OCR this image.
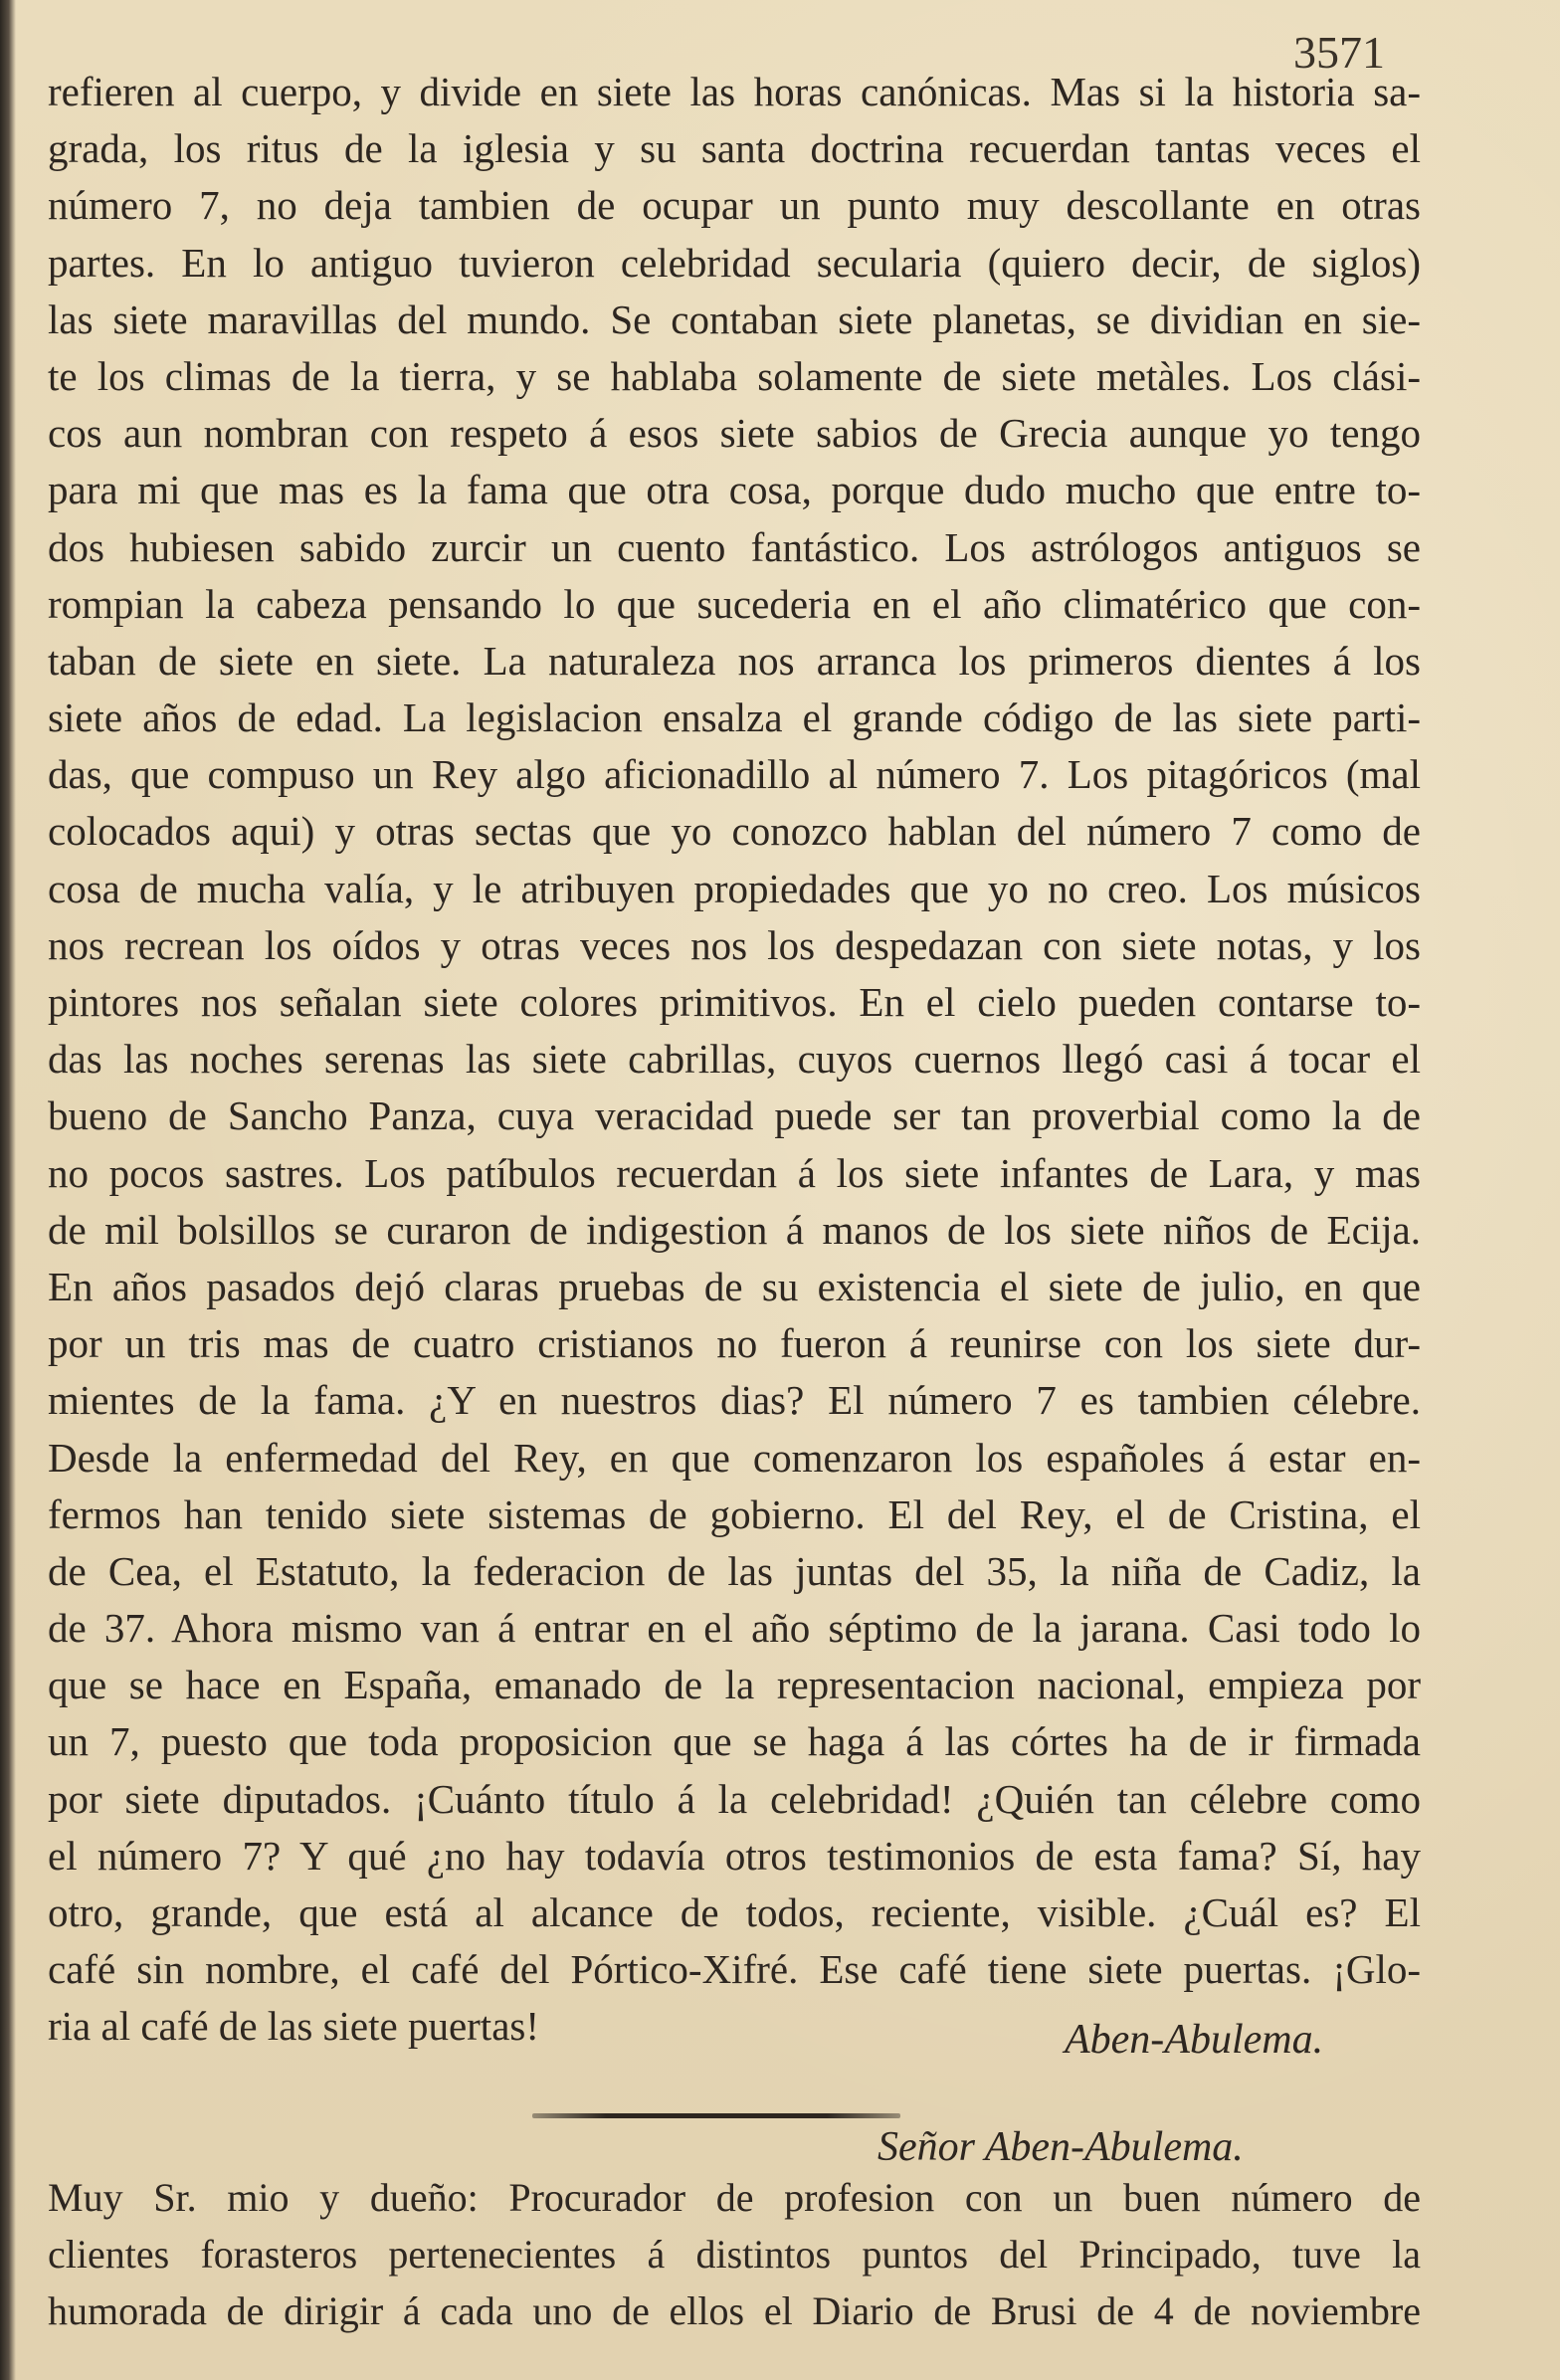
3571
refieren al cuerpo, y divide en siete las horas canónicas. Mas si la historia sa-
grada, los ritus de la iglesia y su santa doctrina recuerdan tantas veces el
número 7, no deja tambien de ocupar un punto muy descollante en otras
partes. En lo antiguo tuvieron celebridad secularia (quiero decir, de siglos)
las siete maravillas del mundo. Se contaban siete planetas, se dividian en sie-
te los climas de la tierra, y se hablaba solamente de siete metàles. Los clási-
cos aun nombran con respeto á esos siete sabios de Grecia aunque yo tengo
para mi que mas es la fama que otra cosa, porque dudo mucho que entre to-
dos hubiesen sabido zurcir un cuento fantástico. Los astrólogos antiguos se
rompian la cabeza pensando lo que sucederia en el año climatérico que con-
taban de siete en siete. La naturaleza nos arranca los primeros dientes á los
siete años de edad. La legislacion ensalza el grande código de las siete parti-
das, que compuso un Rey algo aficionadillo al número 7. Los pitagóricos (mal
colocados aqui) y otras sectas que yo conozco hablan del número 7 como de
cosa de mucha valía, y le atribuyen propiedades que yo no creo. Los músicos
nos recrean los oídos y otras veces nos los despedazan con siete notas, y los
pintores nos señalan siete colores primitivos. En el cielo pueden contarse to-
das las noches serenas las siete cabrillas, cuyos cuernos llegó casi á tocar el
bueno de Sancho Panza, cuya veracidad puede ser tan proverbial como la de
no pocos sastres. Los patíbulos recuerdan á los siete infantes de Lara, y mas
de mil bolsillos se curaron de indigestion á manos de los siete niños de Ecija.
En años pasados dejó claras pruebas de su existencia el siete de julio, en que
por un tris mas de cuatro cristianos no fueron á reunirse con los siete dur-
mientes de la fama. ¿Y en nuestros dias? El número 7 es tambien célebre.
Desde la enfermedad del Rey, en que comenzaron los españoles á estar en-
fermos han tenido siete sistemas de gobierno. El del Rey, el de Cristina, el
de Cea, el Estatuto, la federacion de las juntas del 35, la niña de Cadiz, la
de 37. Ahora mismo van á entrar en el año séptimo de la jarana. Casi todo lo
que se hace en España, emanado de la representacion nacional, empieza por
un 7, puesto que toda proposicion que se haga á las córtes ha de ir firmada
por siete diputados. ¡Cuánto título á la celebridad! ¿Quién tan célebre como
el número 7? Y qué ¿no hay todavía otros testimonios de esta fama? Sí, hay
otro, grande, que está al alcance de todos, reciente, visible. ¿Cuál es? El
café sin nombre, el café del Pórtico-Xifré. Ese café tiene siete puertas. ¡Glo-
ria al café de las siete puertas!	Aben-Abulema.
Señor Aben-Abulema.
Muy Sr. mio y dueño: Procurador de profesion con un buen número de
clientes forasteros pertenecientes á distintos puntos del Principado, tuve la
humorada de dirigir á cada uno de ellos el Diario de Brusi de 4 de noviembre
